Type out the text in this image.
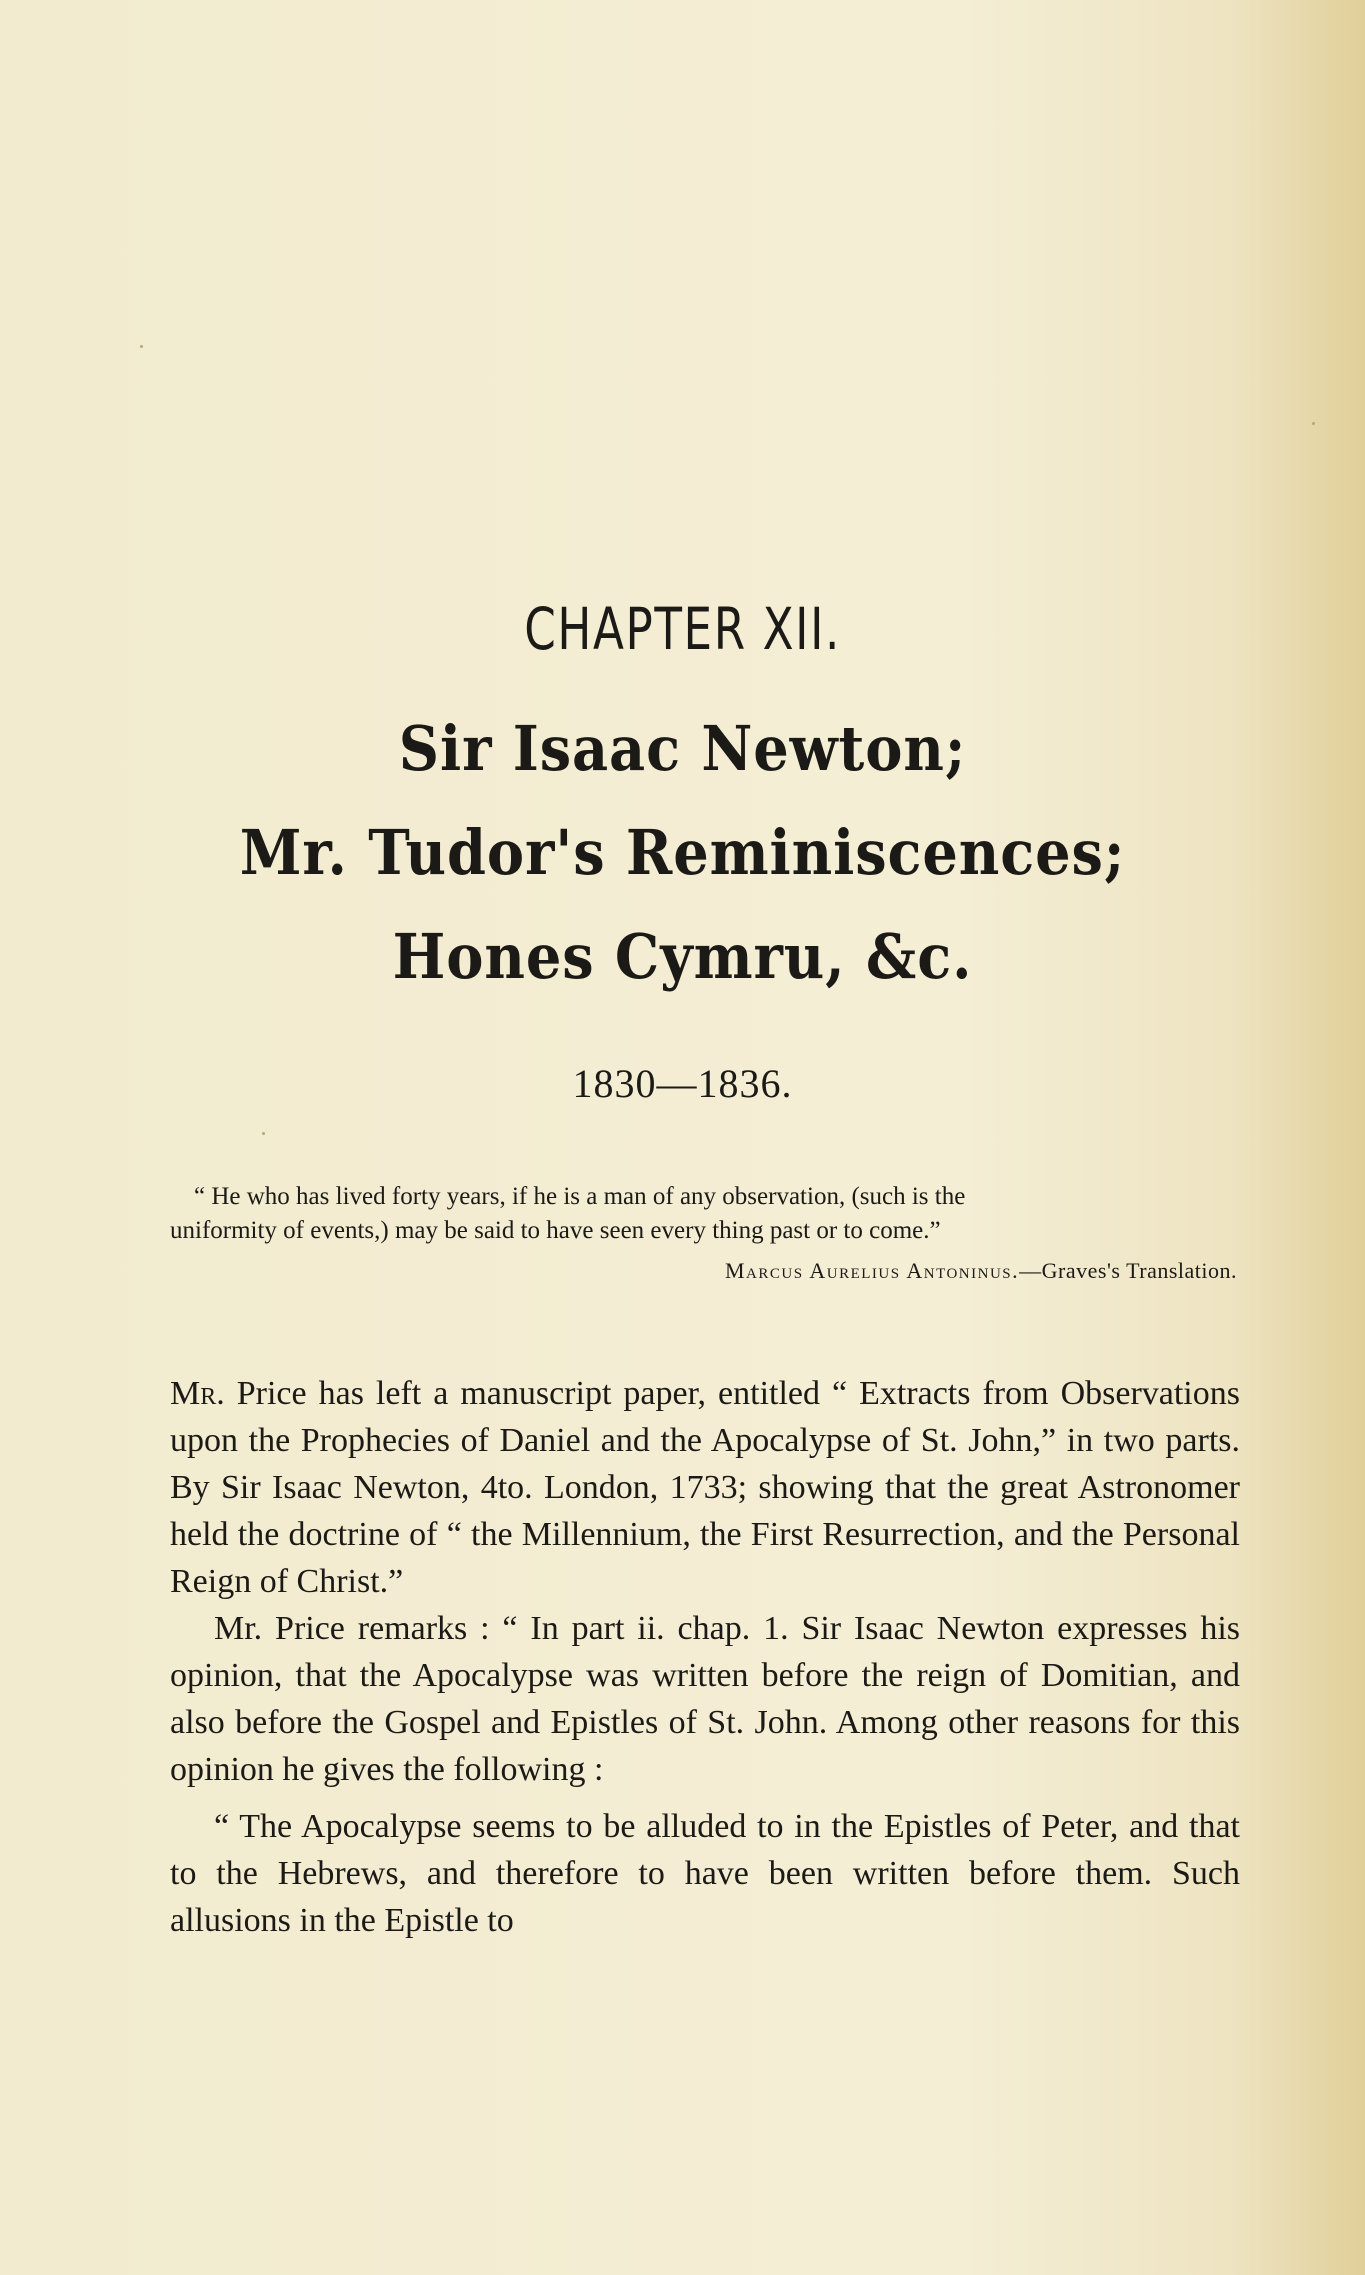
CHAPTER XII.
Sir Isaac Newton;
Mr. Tudor's Reminiscences;
Hones Cymru, &c.
1830—1836.
“ He who has lived forty years, if he is a man of any observation, (such is the
uniformity of events,) may be said to have seen every thing past or to come.”
Marcus Aurelius Antoninus.—Graves's Translation.

Mr. Price has left a manuscript paper, entitled “ Extracts from Observations upon the Prophecies of Daniel and the Apocalypse of St. John,” in two parts. By Sir Isaac Newton, 4to. London, 1733; showing that the great Astronomer held the doctrine of “ the Millennium, the First Resurrection, and the Personal Reign of Christ.”

Mr. Price remarks : “ In part ii. chap. 1. Sir Isaac Newton expresses his opinion, that the Apocalypse was written before the reign of Domitian, and also before the Gospel and Epistles of St. John. Among other reasons for this opinion he gives the following :

“ The Apocalypse seems to be alluded to in the Epistles of Peter, and that to the Hebrews, and therefore to have been written before them. Such allusions in the Epistle to
